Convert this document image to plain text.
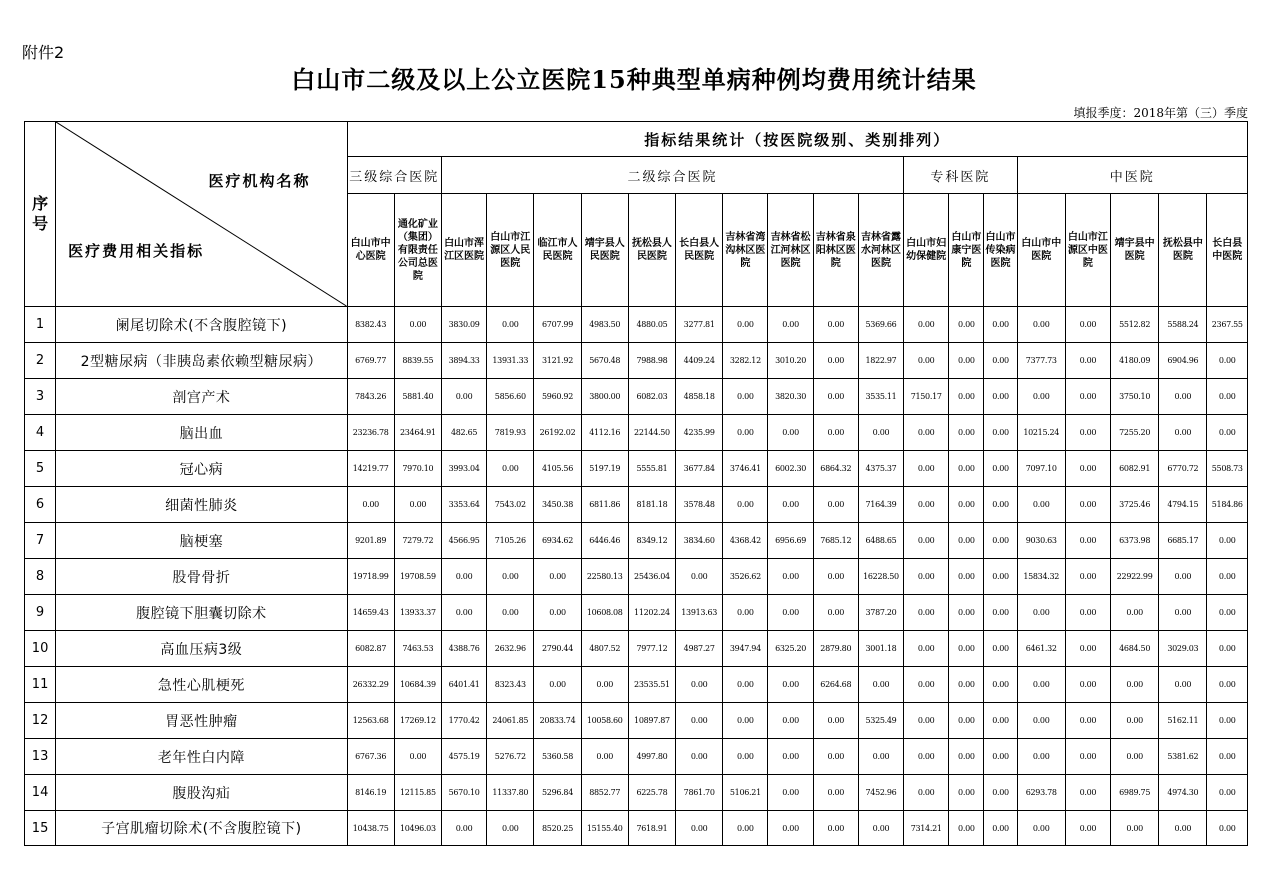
附件2
白山市二级及以上公立医院15种典型单病种例均费用统计结果
填报季度：2018年第（三）季度
序号	医疗机构名称
医疗费用相关指标	指标结果统计（按医院级别、类别排列）																			
		三级综合医院		二级综合医院										专科医院			中医院				
		白山市中心医院	通化矿业（集团）有限责任公司总医院	白山市浑江区医院	白山市江源区人民医院	临江市人民医院	靖宇县人民医院	抚松县人民医院	长白县人民医院	吉林省湾沟林区医院	吉林省松江河林区医院	吉林省泉阳林区医院	吉林省露水河林区医院	白山市妇幼保健院	白山市康宁医院	白山市传染病医院	白山市中医院	白山市江源区中医院	靖宇县中医院	抚松县中医院	长白县中医院
1	阑尾切除术(不含腹腔镜下)	8382.43	0.00	3830.09	0.00	6707.99	4983.50	4880.05	3277.81	0.00	0.00	0.00	5369.66	0.00	0.00	0.00	0.00	0.00	5512.82	5588.24	2367.55
2	2型糖尿病（非胰岛素依赖型糖尿病）	6769.77	8839.55	3894.33	13931.33	3121.92	5670.48	7988.98	4409.24	3282.12	3010.20	0.00	1822.97	0.00	0.00	0.00	7377.73	0.00	4180.09	6904.96	0.00
3	剖宫产术	7843.26	5881.40	0.00	5856.60	5960.92	3800.00	6082.03	4858.18	0.00	3820.30	0.00	3535.11	7150.17	0.00	0.00	0.00	0.00	3750.10	0.00	0.00
4	脑出血	23236.78	23464.91	482.65	7819.93	26192.02	4112.16	22144.50	4235.99	0.00	0.00	0.00	0.00	0.00	0.00	0.00	10215.24	0.00	7255.20	0.00	0.00
5	冠心病	14219.77	7970.10	3993.04	0.00	4105.56	5197.19	5555.81	3677.84	3746.41	6002.30	6864.32	4375.37	0.00	0.00	0.00	7097.10	0.00	6082.91	6770.72	5508.73
6	细菌性肺炎	0.00	0.00	3353.64	7543.02	3450.38	6811.86	8181.18	3578.48	0.00	0.00	0.00	7164.39	0.00	0.00	0.00	0.00	0.00	3725.46	4794.15	5184.86
7	脑梗塞	9201.89	7279.72	4566.95	7105.26	6934.62	6446.46	8349.12	3834.60	4368.42	6956.69	7685.12	6488.65	0.00	0.00	0.00	9030.63	0.00	6373.98	6685.17	0.00
8	股骨骨折	19718.99	19708.59	0.00	0.00	0.00	22580.13	25436.04	0.00	3526.62	0.00	0.00	16228.50	0.00	0.00	0.00	15834.32	0.00	22922.99	0.00	0.00
9	腹腔镜下胆囊切除术	14659.43	13933.37	0.00	0.00	0.00	10608.08	11202.24	13913.63	0.00	0.00	0.00	3787.20	0.00	0.00	0.00	0.00	0.00	0.00	0.00	0.00
10	高血压病3级	6082.87	7463.53	4388.76	2632.96	2790.44	4807.52	7977.12	4987.27	3947.94	6325.20	2879.80	3001.18	0.00	0.00	0.00	6461.32	0.00	4684.50	3029.03	0.00
11	急性心肌梗死	26332.29	10684.39	6401.41	8323.43	0.00	0.00	23535.51	0.00	0.00	0.00	6264.68	0.00	0.00	0.00	0.00	0.00	0.00	0.00	0.00	0.00
12	胃恶性肿瘤	12563.68	17269.12	1770.42	24061.85	20833.74	10058.60	10897.87	0.00	0.00	0.00	0.00	5325.49	0.00	0.00	0.00	0.00	0.00	0.00	5162.11	0.00
13	老年性白内障	6767.36	0.00	4575.19	5276.72	5360.58	0.00	4997.80	0.00	0.00	0.00	0.00	0.00	0.00	0.00	0.00	0.00	0.00	0.00	5381.62	0.00
14	腹股沟疝	8146.19	12115.85	5670.10	11337.80	5296.84	8852.77	6225.78	7861.70	5106.21	0.00	0.00	7452.96	0.00	0.00	0.00	6293.78	0.00	6989.75	4974.30	0.00
15	子宫肌瘤切除术(不含腹腔镜下)	10438.75	10496.03	0.00	0.00	8520.25	15155.40	7618.91	0.00	0.00	0.00	0.00	0.00	7314.21	0.00	0.00	0.00	0.00	0.00	0.00	0.00
